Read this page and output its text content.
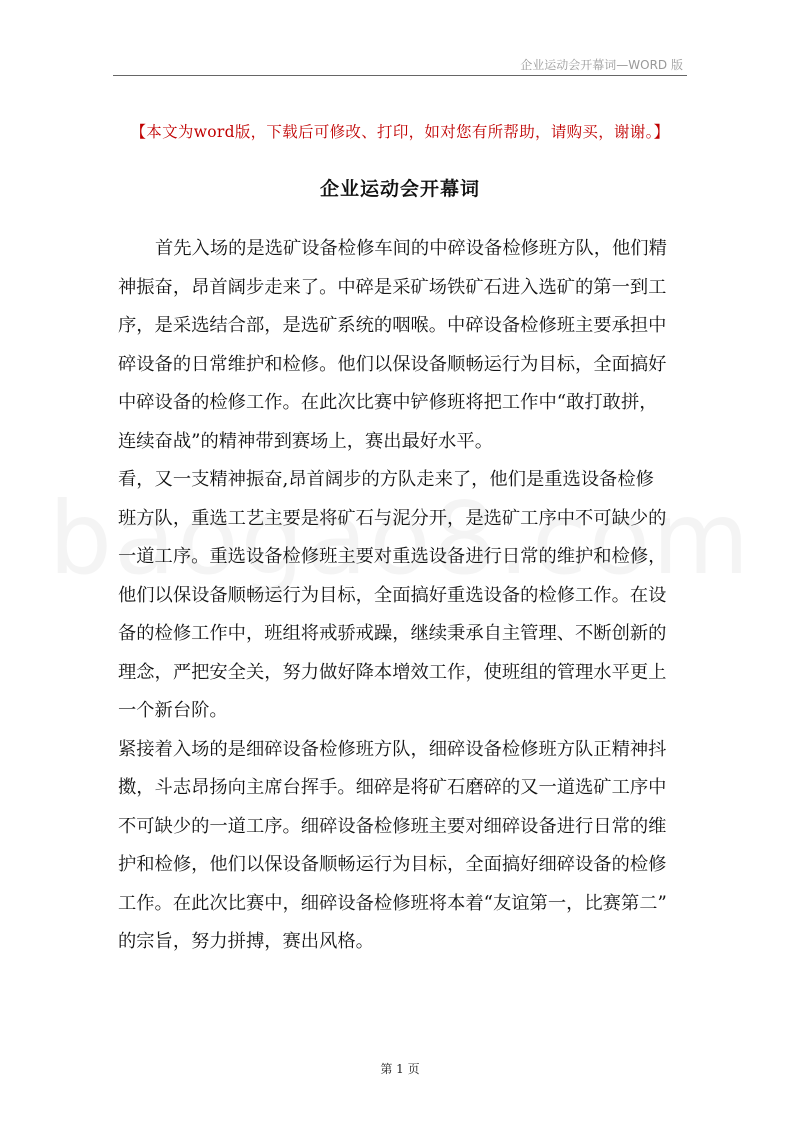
企业运动会开幕词—WORD 版
【本文为word版，下载后可修改、打印，如对您有所帮助，请购买，谢谢。】
企业运动会开幕词
首先入场的是选矿设备检修车间的中碎设备检修班方队，他们精
神振奋，昂首阔步走来了。中碎是采矿场铁矿石进入选矿的第一到工
序，是采选结合部，是选矿系统的咽喉。中碎设备检修班主要承担中
碎设备的日常维护和检修。他们以保设备顺畅运行为目标，全面搞好
中碎设备的检修工作。在此次比赛中铲修班将把工作中“敢打敢拼，
连续奋战”的精神带到赛场上，赛出最好水平。
看，又一支精神振奋,昂首阔步的方队走来了，他们是重选设备检修
班方队，重选工艺主要是将矿石与泥分开，是选矿工序中不可缺少的
一道工序。重选设备检修班主要对重选设备进行日常的维护和检修，
他们以保设备顺畅运行为目标，全面搞好重选设备的检修工作。在设
备的检修工作中，班组将戒骄戒躁，继续秉承自主管理、不断创新的
理念，严把安全关，努力做好降本增效工作，使班组的管理水平更上
一个新台阶。
紧接着入场的是细碎设备检修班方队，细碎设备检修班方队正精神抖
擞，斗志昂扬向主席台挥手。细碎是将矿石磨碎的又一道选矿工序中
不可缺少的一道工序。细碎设备检修班主要对细碎设备进行日常的维
护和检修，他们以保设备顺畅运行为目标，全面搞好细碎设备的检修
工作。在此次比赛中，细碎设备检修班将本着“友谊第一，比赛第二”
的宗旨，努力拼搏，赛出风格。
第 1 页
